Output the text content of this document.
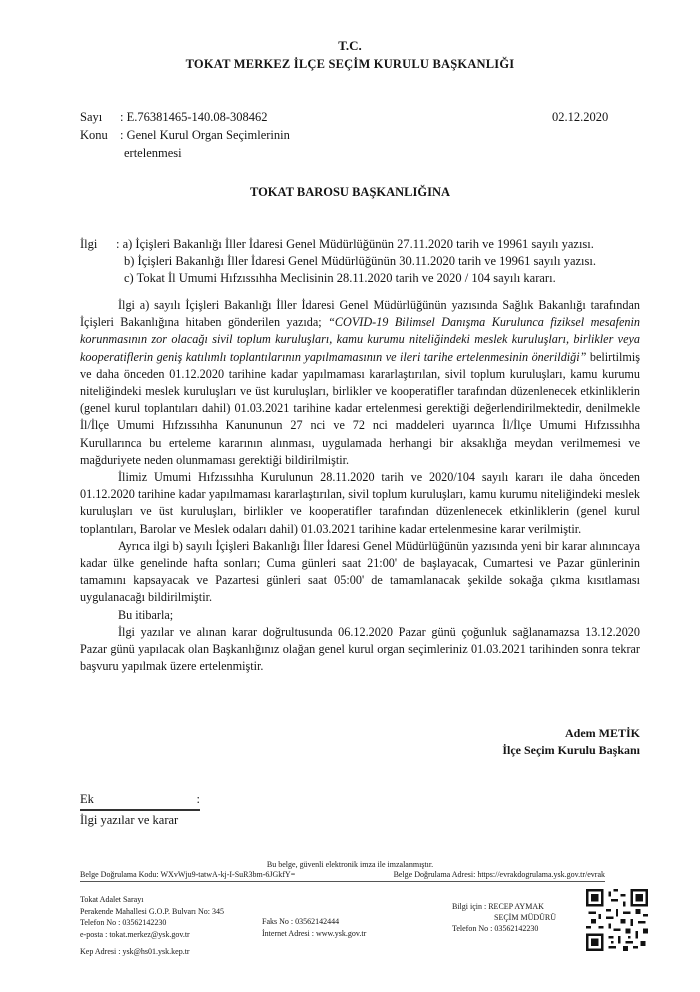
T.C.
TOKAT MERKEZ İLÇE SEÇİM KURULU BAŞKANLIĞI
Sayı : E.76381465-140.08-308462
Konu : Genel Kurul Organ Seçimlerinin
ertelenmesi
02.12.2020
TOKAT BAROSU BAŞKANLIĞINA
İlgi	: a) İçişleri Bakanlığı İller İdaresi Genel Müdürlüğünün 27.11.2020 tarih ve 19961 sayılı yazısı.
b) İçişleri Bakanlığı İller İdaresi Genel Müdürlüğünün 30.11.2020 tarih ve 19961 sayılı yazısı.
c) Tokat İl Umumi Hıfzıssıhha Meclisinin 28.11.2020 tarih ve 2020 / 104 sayılı kararı.

İlgi a) sayılı İçişleri Bakanlığı İller İdaresi Genel Müdürlüğünün yazısında Sağlık Bakanlığı tarafından İçişleri Bakanlığına hitaben gönderilen yazıda; “COVID-19 Bilimsel Danışma Kurulunca fiziksel mesafenin korunmasının zor olacağı sivil toplum kuruluşları, kamu kurumu niteliğindeki meslek kuruluşları, birlikler veya kooperatiflerin geniş katılımlı toplantılarının yapılmamasının ve ileri tarihe ertelenmesinin önerildiği” belirtilmiş ve daha önceden 01.12.2020 tarihine kadar yapılmaması kararlaştırılan, sivil toplum kuruluşları, kamu kurumu niteliğindeki meslek kuruluşları ve üst kuruluşları, birlikler ve kooperatifler tarafından düzenlenecek etkinliklerin (genel kurul toplantıları dahil) 01.03.2021 tarihine kadar ertelenmesi gerektiği değerlendirilmektedir, denilmekle İl/İlçe Umumi Hıfzıssıhha Kanununun 27 nci ve 72 nci maddeleri uyarınca İl/İlçe Umumi Hıfzıssıhha Kurullarınca bu erteleme kararının alınması, uygulamada herhangi bir aksaklığa meydan verilmemesi ve mağduriyete neden olunmaması gerektiği bildirilmiştir.

İlimiz Umumi Hıfzıssıhha Kurulunun 28.11.2020 tarih ve 2020/104 sayılı kararı ile daha önceden 01.12.2020 tarihine kadar yapılmaması kararlaştırılan, sivil toplum kuruluşları, kamu kurumu niteliğindeki meslek kuruluşları ve üst kuruluşları, birlikler ve kooperatifler tarafından düzenlenecek etkinliklerin (genel kurul toplantıları, Barolar ve Meslek odaları dahil) 01.03.2021 tarihine kadar ertelenmesine karar verilmiştir.

Ayrıca ilgi b) sayılı İçişleri Bakanlığı İller İdaresi Genel Müdürlüğünün yazısında yeni bir karar alınıncaya kadar ülke genelinde hafta sonları; Cuma günleri saat 21:00' de başlayacak, Cumartesi ve Pazar günlerinin tamamını kapsayacak ve Pazartesi günleri saat 05:00' de tamamlanacak şekilde sokağa çıkma kısıtlaması uygulanacağı bildirilmiştir.

Bu itibarla;

İlgi yazılar ve alınan karar doğrultusunda 06.12.2020 Pazar günü çoğunluk sağlanamazsa 13.12.2020 Pazar günü yapılacak olan Başkanlığınız olağan genel kurul organ seçimleriniz 01.03.2021 tarihinden sonra tekrar başvuru yapılmak üzere ertelenmiştir.

Adem METİK
İlçe Seçim Kurulu Başkanı
Ek	:
İlgi yazılar ve karar
Bu belge, güvenli elektronik imza ile imzalanmıştır.
Belge Doğrulama Kodu: WXvWju9-tatwA-kj-I-SuR3bm-6JGkfY=	Belge Doğrulama Adresi: https://evrakdogrulama.ysk.gov.tr/evrak
Tokat Adalet Sarayı
Perakende Mahallesi G.O.P. Bulvarı No: 345
Telefon No : 03562142230
e-posta : tokat.merkez@ysk.gov.tr
Kep Adresi : ysk@hs01.ysk.kep.tr
Faks No : 03562142444
İnternet Adresi : www.ysk.gov.tr
Bilgi için : RECEP AYMAK
SEÇİM MÜDÜRÜ
Telefon No : 03562142230
